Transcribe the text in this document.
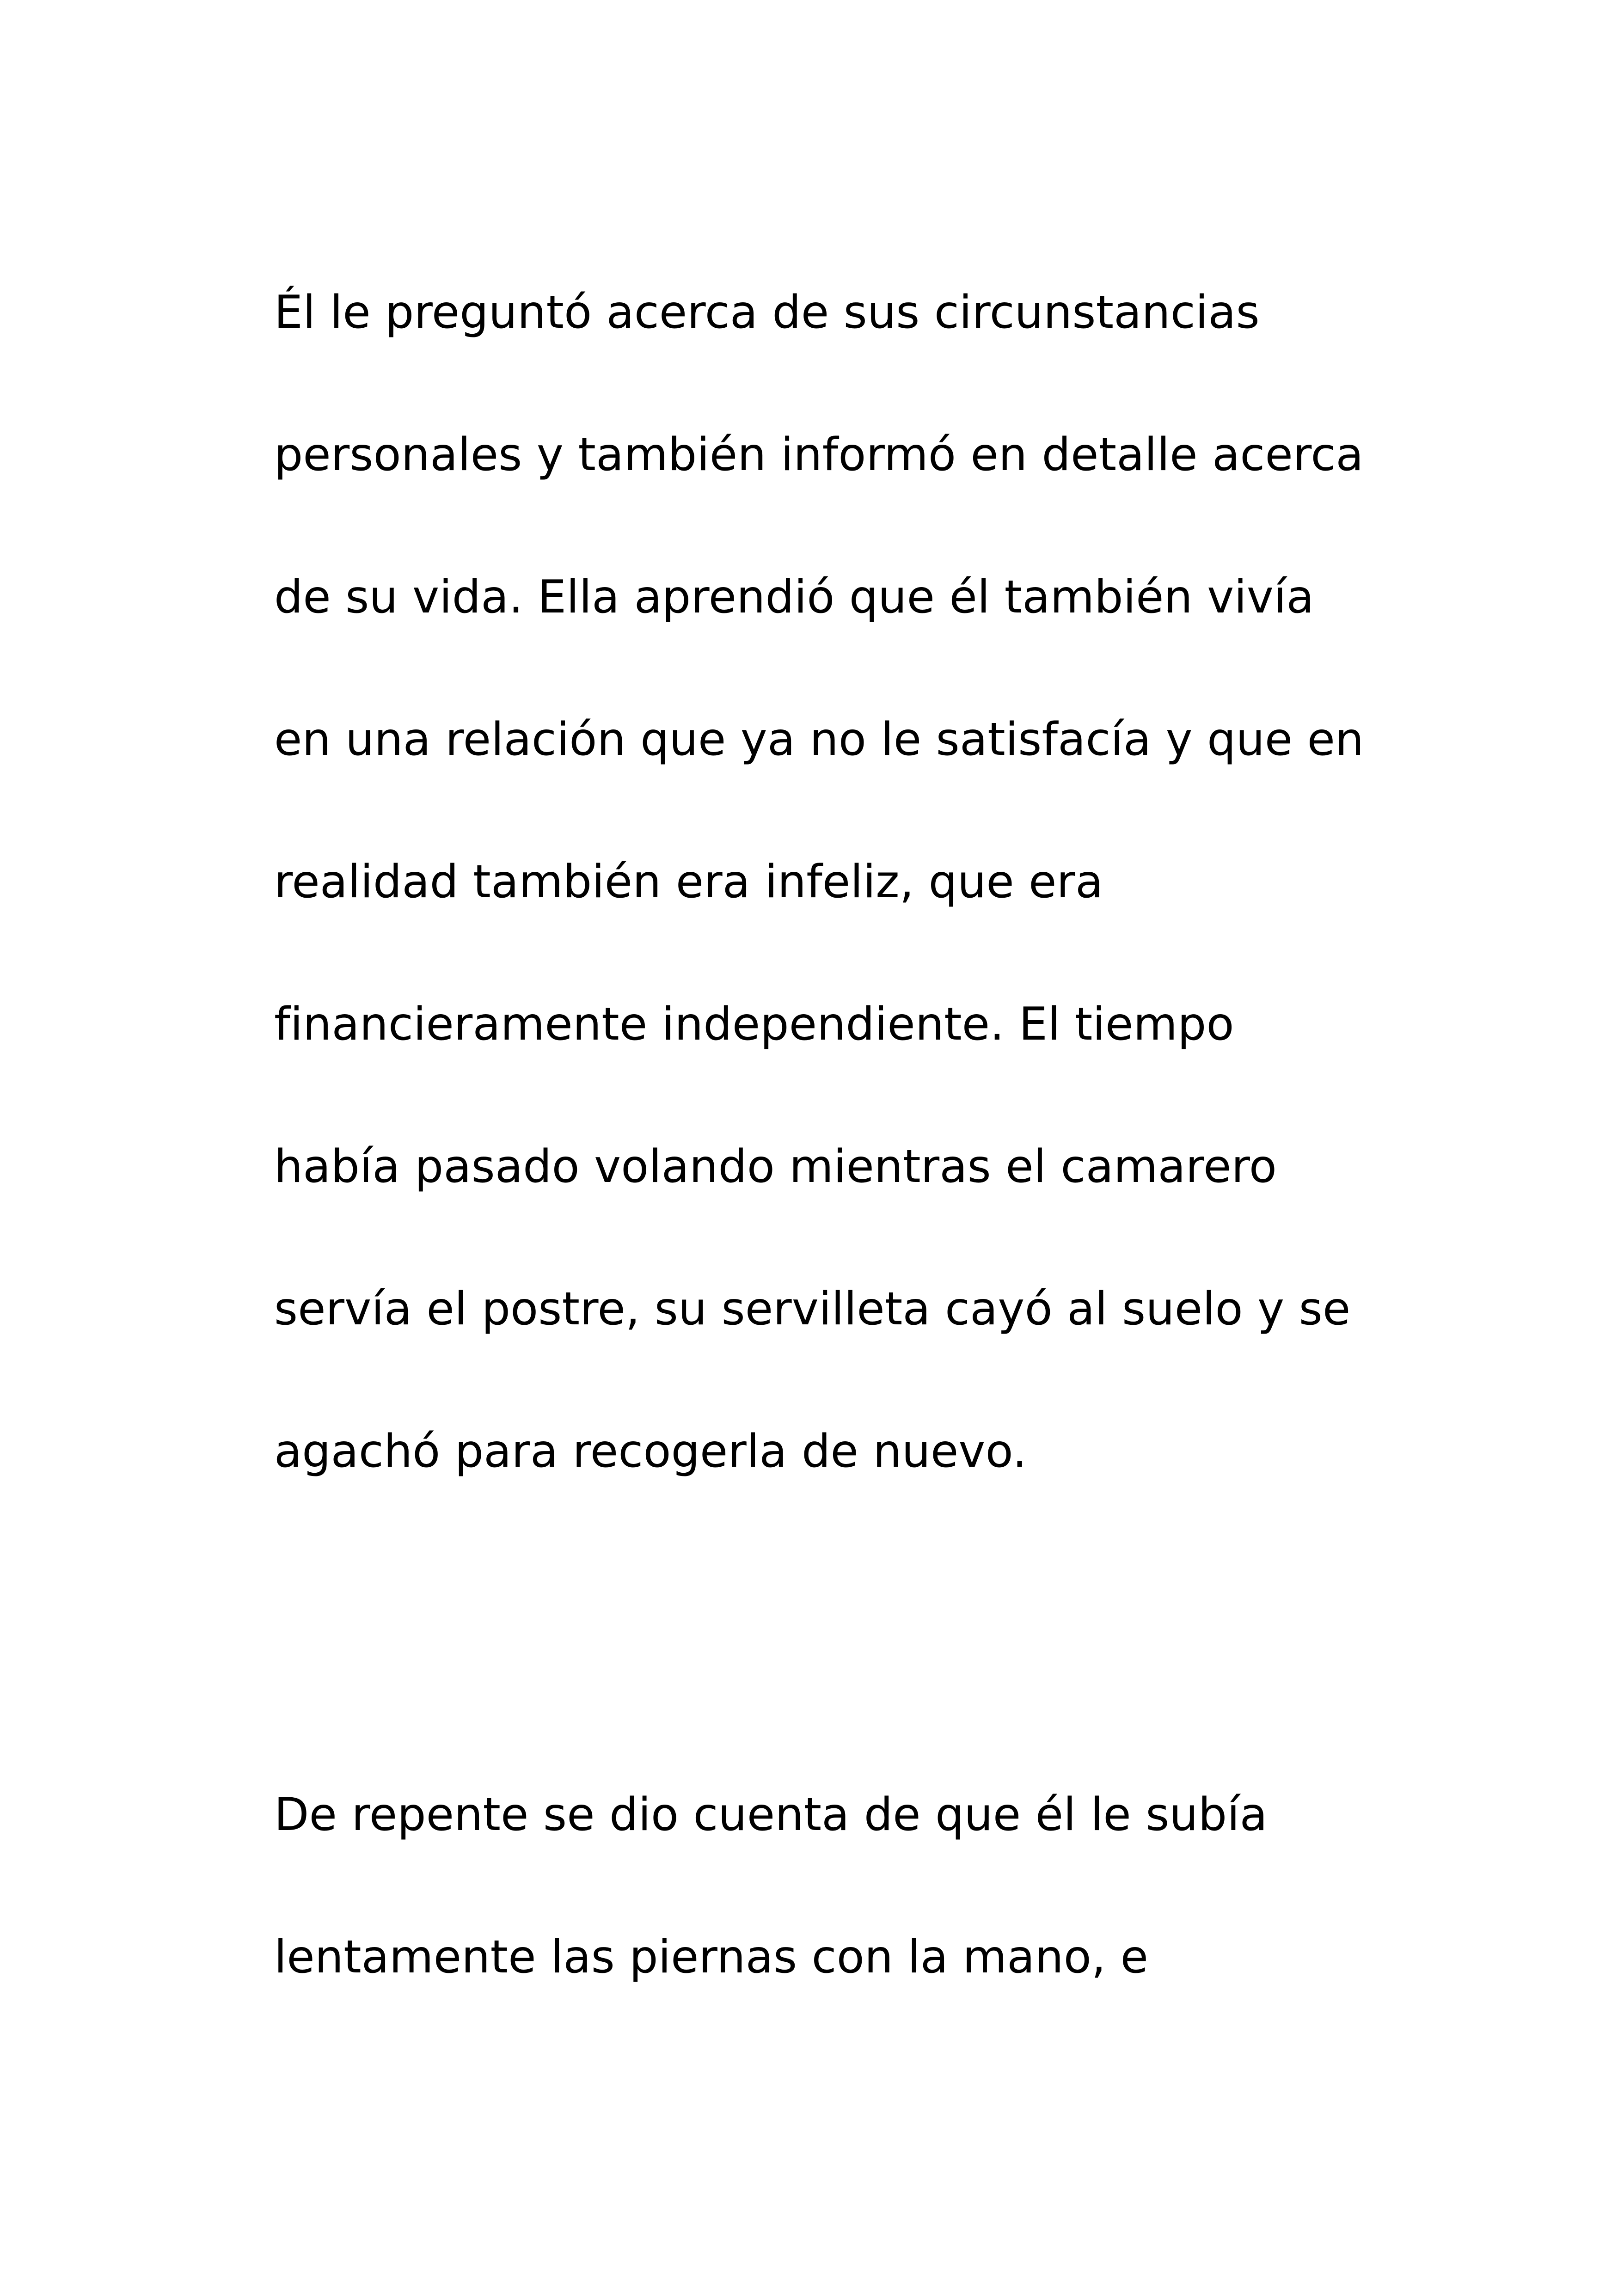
Él le preguntó acerca de sus circunstancias

personales y también informó en detalle acerca

de su vida. Ella aprendió que él también vivía

en una relación que ya no le satisfacía y que en

realidad también era infeliz, que era

financieramente independiente. El tiempo

había pasado volando mientras el camarero

servía el postre, su servilleta cayó al suelo y se

agachó para recogerla de nuevo.

De repente se dio cuenta de que él le subía

lentamente las piernas con la mano, e
